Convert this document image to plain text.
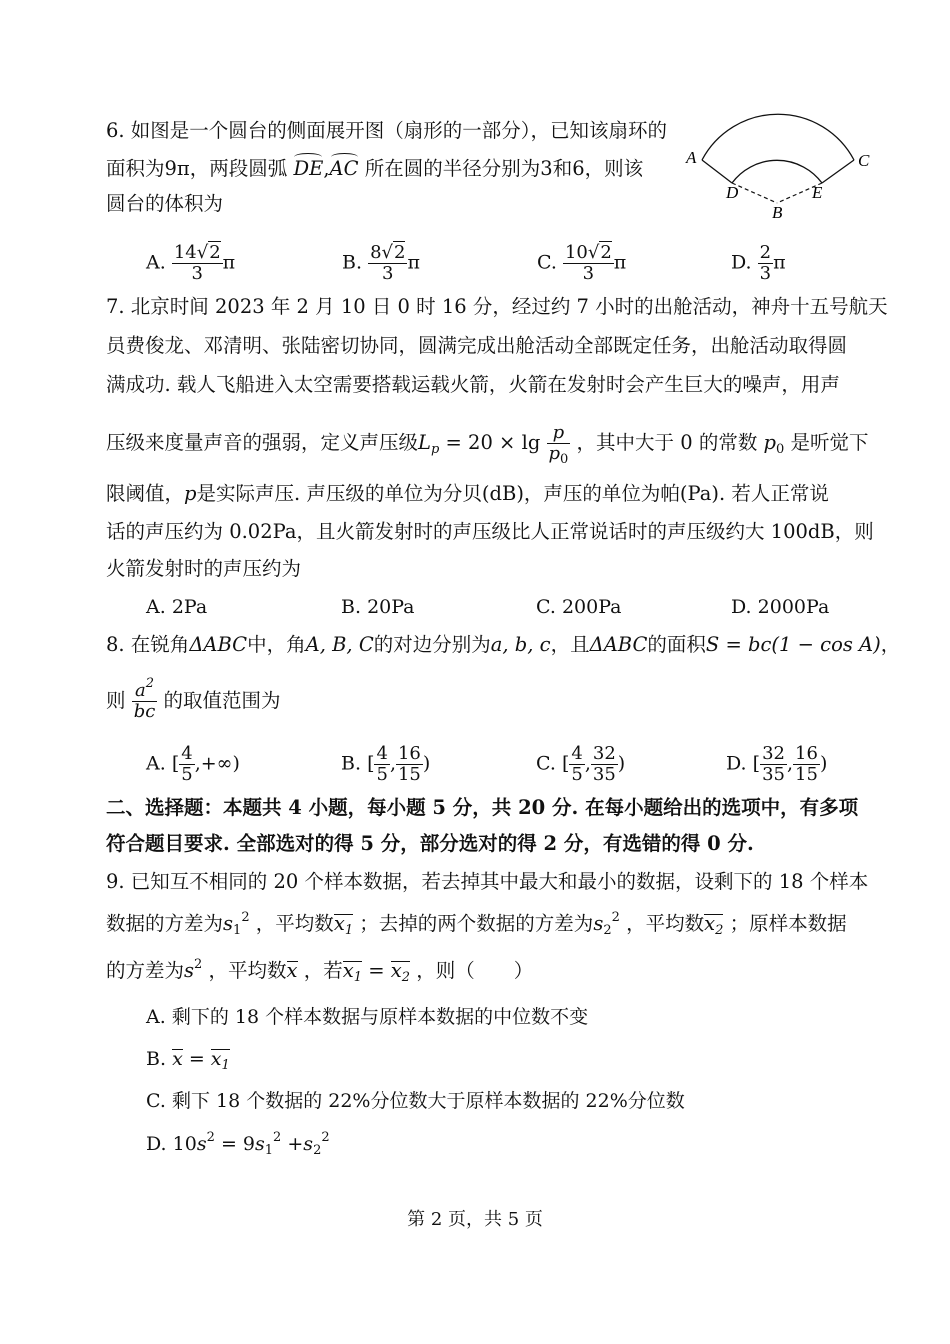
6. 如图是一个圆台的侧面展开图（扇形的一部分），已知该扇环的
面积为9π，两段圆弧 DE,AC 所在圆的半径分别为3和6，则该
圆台的体积为
A	C
D	E
B
A. $\frac{14√2}{3}$ π	B. $\frac{8√2}{3}$ π	C. $\frac{10√2}{3}$ π	D. $\frac{2}{3}$ π
7. 北京时间 2023 年 2 月 10 日 0 时 16 分，经过约 7 小时的出舱活动，神舟十五号航天
员费俊龙、邓清明、张陆密切协同，圆满完成出舱活动全部既定任务，出舱活动取得圆
满成功. 载人飞船进入太空需要搭载运载火箭，火箭在发射时会产生巨大的噪声，用声
压级来度量声音的强弱，定义声压级$L_p = 20 \times \lg \frac{p}{p_0}$ ，其中大于 0 的常数 $p_0$ 是听觉下
限阈值，p是实际声压. 声压级的单位为分贝(dB)，声压的单位为帕(Pa). 若人正常说
话的声压约为 0.02Pa，且火箭发射时的声压级比人正常说话时的声压级约大 100dB，则
火箭发射时的声压约为
A. 2Pa	B. 20Pa	C. 200Pa	D. 2000Pa
8. 在锐角ΔABC中，角A, B, C的对边分别为a, b, c，且ΔABC的面积S = bc(1 − cos A)，
则 $\frac{a^2}{bc}$ 的取值范围为
A. [ $\frac{4}{5}$ ,+∞)	B. [ $\frac{4}{5}$ , $\frac{16}{15}$ )	C. [ $\frac{4}{5}$ , $\frac{32}{35}$ )	D. [ $\frac{32}{35}$ , $\frac{16}{15}$ )
二、选择题：本题共 4 小题，每小题 5 分，共 20 分. 在每小题给出的选项中，有多项
符合题目要求. 全部选对的得 5 分，部分选对的得 2 分，有选错的得 0 分.
9. 已知互不相同的 20 个样本数据，若去掉其中最大和最小的数据，设剩下的 18 个样本
数据的方差为$s_1^2$ ，平均数$x_1$ ；去掉的两个数据的方差为$s_2^2$ ，平均数$x_2$ ；原样本数据
的方差为$s^2$ ，平均数x ，若$x_1 = x_2$ ，则（　　）
A. 剩下的 18 个样本数据与原样本数据的中位数不变
B. $x = x_1$
C. 剩下 18 个数据的 22%分位数大于原样本数据的 22%分位数
D. $10s^2 = 9s_1^2 +s_2^2$
第 2 页，共 5 页
